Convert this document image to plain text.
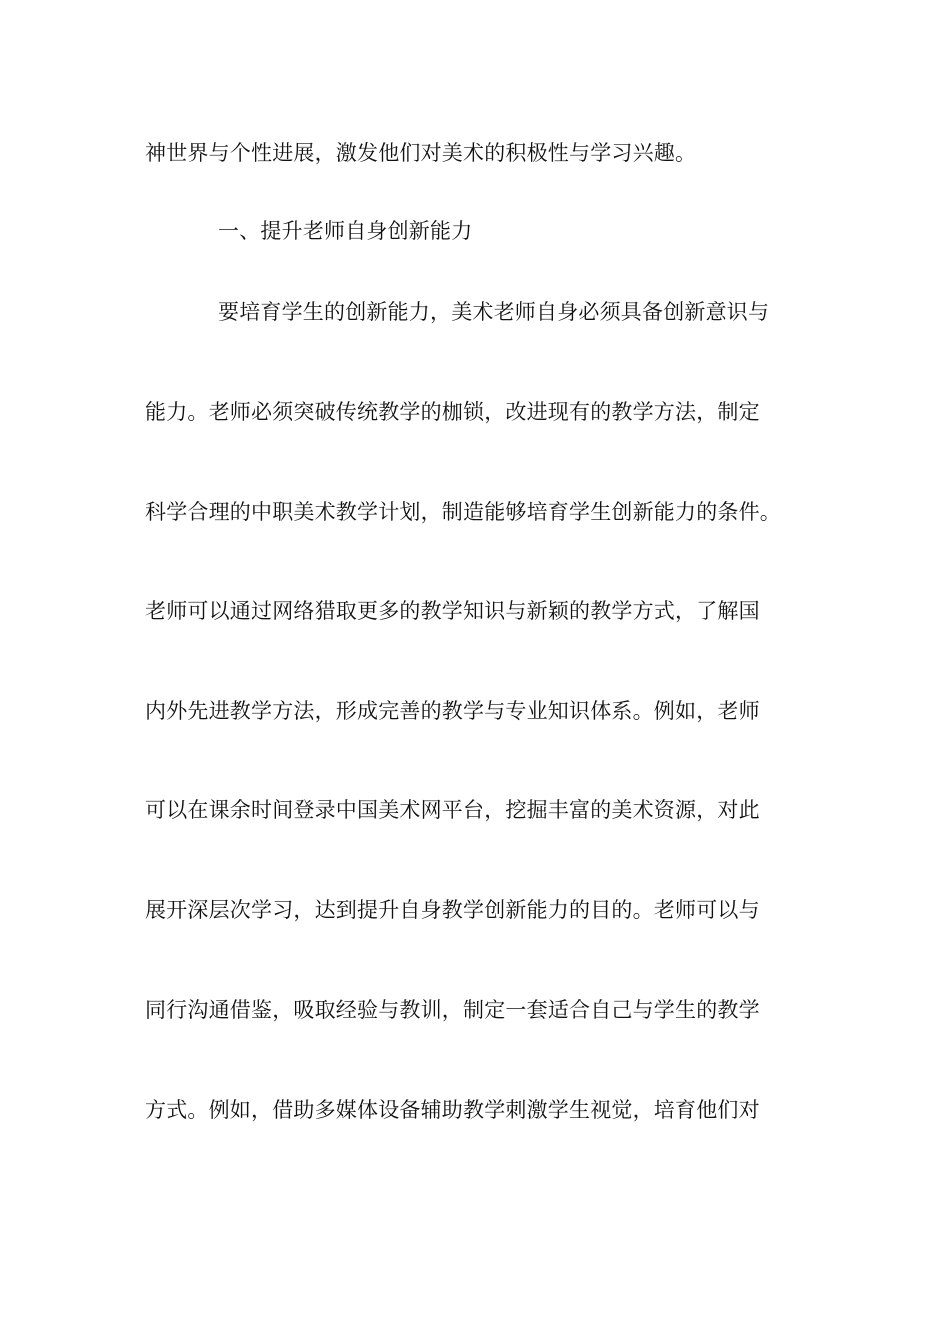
神世界与个性进展，激发他们对美术的积极性与学习兴趣。
一、提升老师自身创新能力
要培育学生的创新能力，美术老师自身必须具备创新意识与
能力。老师必须突破传统教学的枷锁，改进现有的教学方法，制定
科学合理的中职美术教学计划，制造能够培育学生创新能力的条件。
老师可以通过网络猎取更多的教学知识与新颖的教学方式，了解国
内外先进教学方法，形成完善的教学与专业知识体系。例如，老师
可以在课余时间登录中国美术网平台，挖掘丰富的美术资源，对此
展开深层次学习，达到提升自身教学创新能力的目的。老师可以与
同行沟通借鉴，吸取经验与教训，制定一套适合自己与学生的教学
方式。例如，借助多媒体设备辅助教学刺激学生视觉，培育他们对
